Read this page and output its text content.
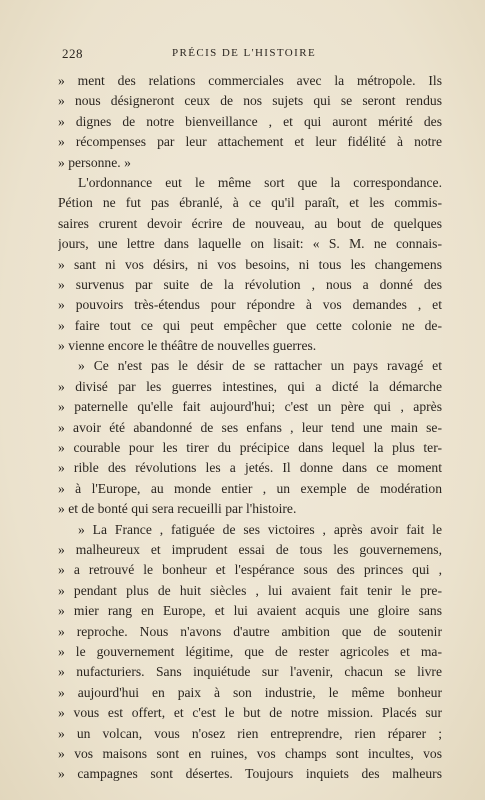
228	PRÉCIS DE L'HISTOIRE
» ment des relations commerciales avec la métropole. Ils
» nous désigneront ceux de nos sujets qui se seront rendus
» dignes de notre bienveillance , et qui auront mérité des
» récompenses par leur attachement et leur fidélité à notre
» personne. »
L'ordonnance eut le même sort que la correspondance.
Pétion ne fut pas ébranlé, à ce qu'il paraît, et les commis-
saires crurent devoir écrire de nouveau, au bout de quelques
jours, une lettre dans laquelle on lisait: « S. M. ne connais-
» sant ni vos désirs, ni vos besoins, ni tous les changemens
» survenus par suite de la révolution , nous a donné des
» pouvoirs très-étendus pour répondre à vos demandes , et
» faire tout ce qui peut empêcher que cette colonie ne de-
» vienne encore le théâtre de nouvelles guerres.
» Ce n'est pas le désir de se rattacher un pays ravagé et
» divisé par les guerres intestines, qui a dicté la démarche
» paternelle qu'elle fait aujourd'hui; c'est un père qui , après
» avoir été abandonné de ses enfans , leur tend une main se-
» courable pour les tirer du précipice dans lequel la plus ter-
» rible des révolutions les a jetés. Il donne dans ce moment
» à l'Europe, au monde entier , un exemple de modération
» et de bonté qui sera recueilli par l'histoire.
» La France , fatiguée de ses victoires , après avoir fait le
» malheureux et imprudent essai de tous les gouvernemens,
» a retrouvé le bonheur et l'espérance sous des princes qui ,
» pendant plus de huit siècles , lui avaient fait tenir le pre-
» mier rang en Europe, et lui avaient acquis une gloire sans
» reproche. Nous n'avons d'autre ambition que de soutenir
» le gouvernement légitime, que de rester agricoles et ma-
» nufacturiers. Sans inquiétude sur l'avenir, chacun se livre
» aujourd'hui en paix à son industrie, le même bonheur
» vous est offert, et c'est le but de notre mission. Placés sur
» un volcan, vous n'osez rien entreprendre, rien réparer ;
» vos maisons sont en ruines, vos champs sont incultes, vos
» campagnes sont désertes. Toujours inquiets des malheurs
